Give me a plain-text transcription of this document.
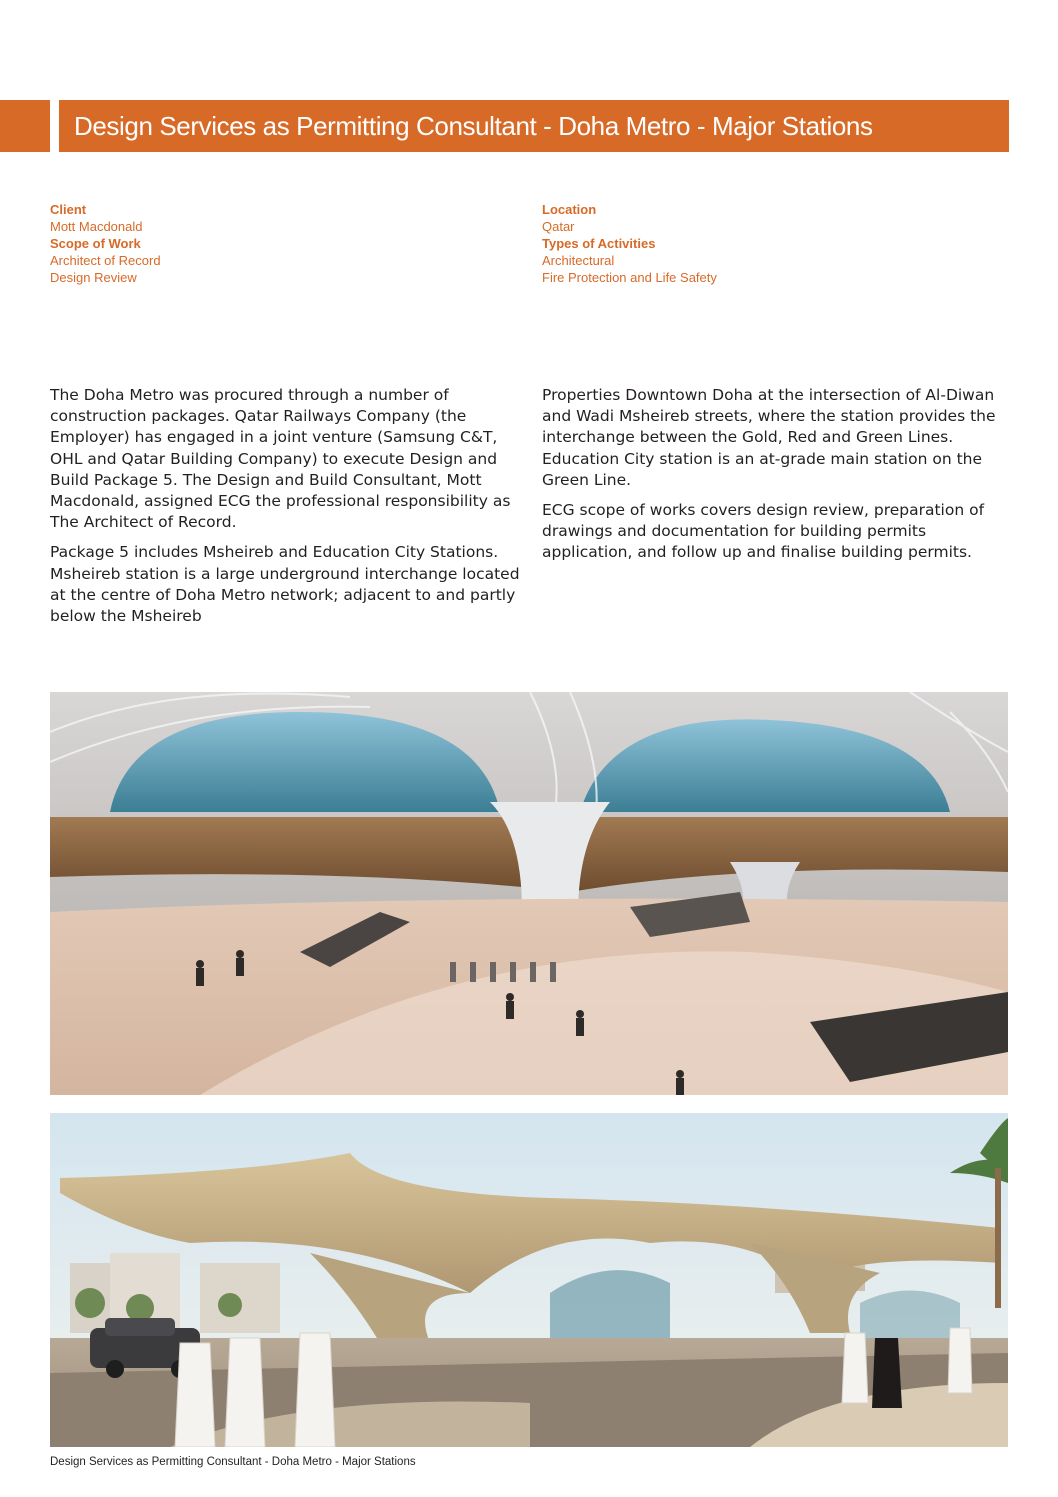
Design Services as Permitting Consultant - Doha Metro - Major Stations
Client
Mott Macdonald
Scope of Work
Architect of Record
Design Review
Location
Qatar
Types of Activities
Architectural
Fire Protection and Life Safety

The Doha Metro was procured through a number of construction packages. Qatar Railways Company (the Employer) has engaged in a joint venture (Samsung C&T, OHL and Qatar Building Company) to execute Design and Build Package 5. The Design and Build Consultant, Mott Macdonald, assigned ECG the professional responsibility as The Architect of Record.

Package 5 includes Msheireb and Education City Stations. Msheireb station is a large underground interchange located at the centre of Doha Metro network; adjacent to and partly below the Msheireb

Properties Downtown Doha at the intersection of Al-Diwan and Wadi Msheireb streets, where the station provides the interchange between the Gold, Red and Green Lines. Education City station is an at-grade main station on the Green Line.

ECG scope of works covers design review, preparation of drawings and documentation for building permits application, and follow up and finalise building permits.

Design Services as Permitting Consultant - Doha Metro - Major Stations
